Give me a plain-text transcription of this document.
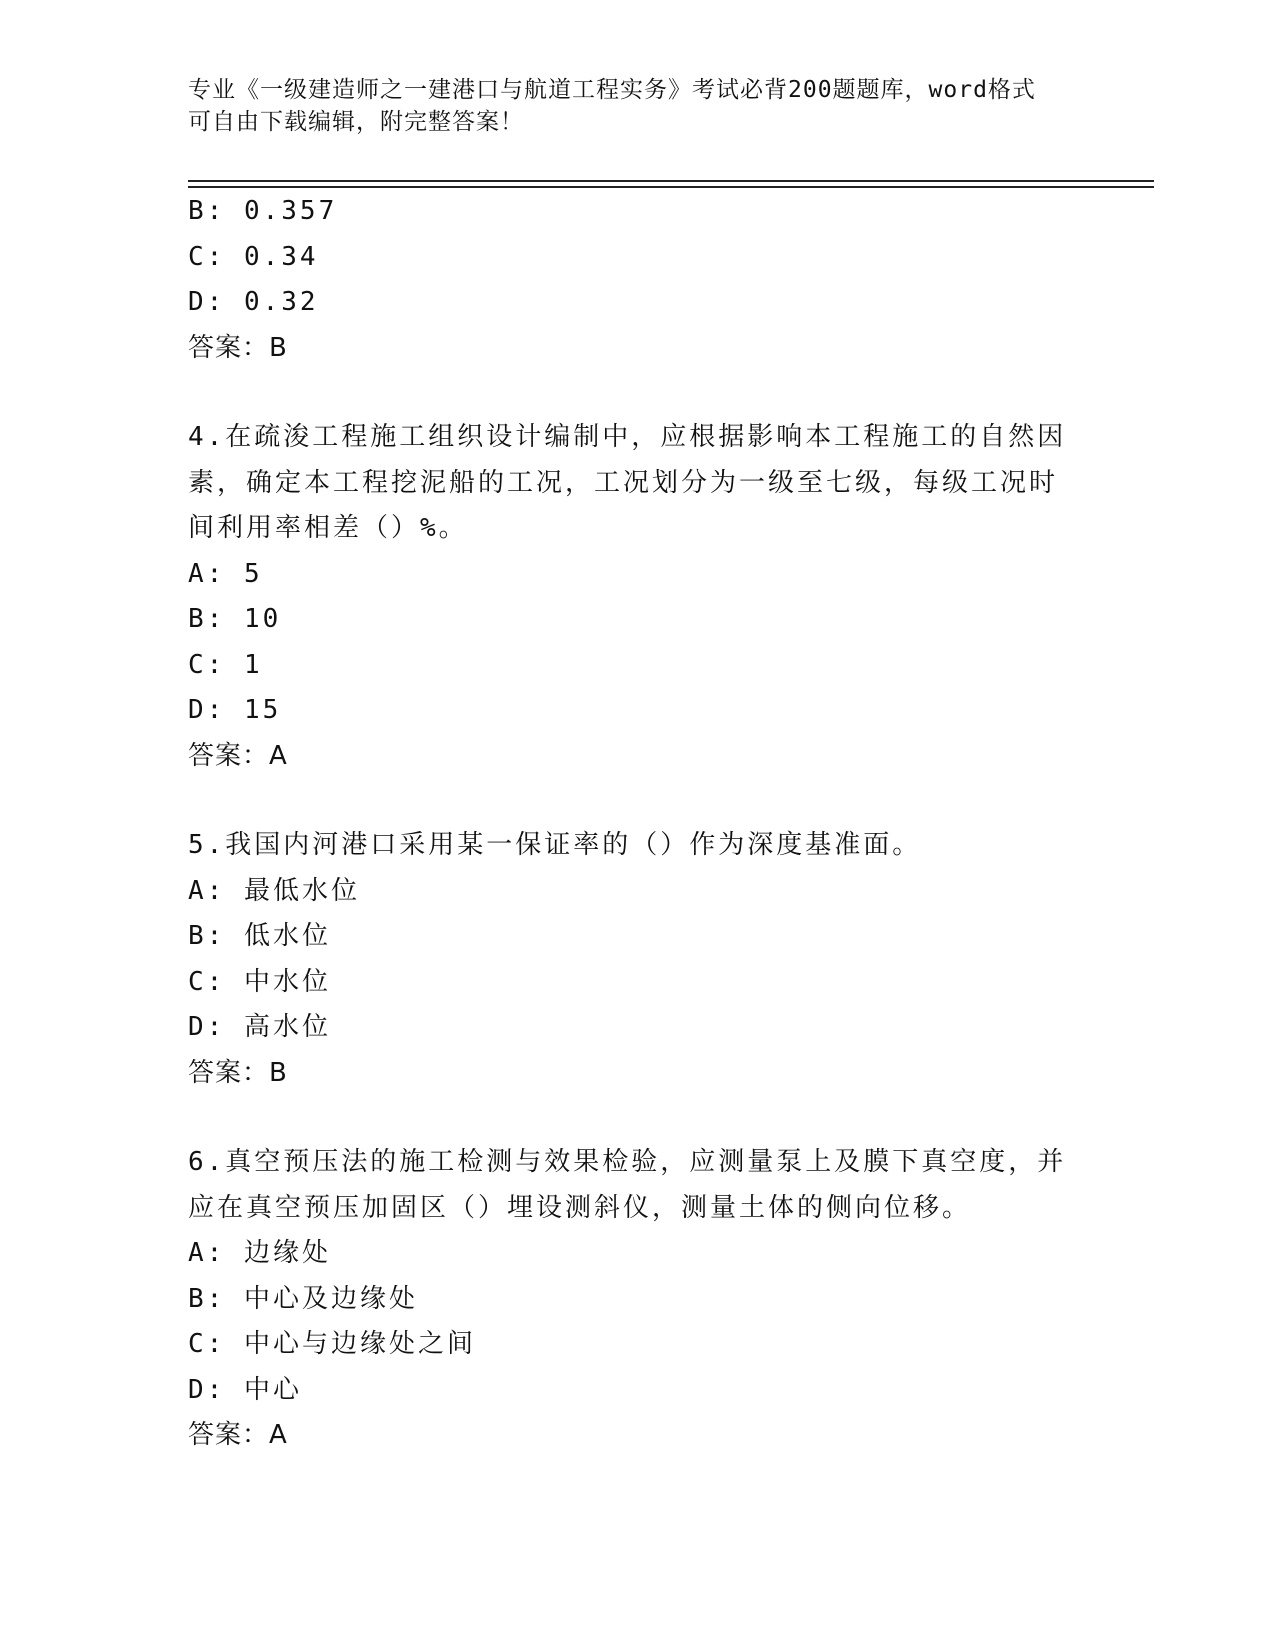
专业《一级建造师之一建港口与航道工程实务》考试必背200题题库，word格式

可自由下载编辑，附完整答案！

B: 0.357
C: 0.34
D: 0.32
答案：B
4.在疏浚工程施工组织设计编制中，应根据影响本工程施工的自然因
素，确定本工程挖泥船的工况，工况划分为一级至七级，每级工况时
间利用率相差（）%。
A: 5
B: 10
C: 1
D: 15
答案：A
5.我国内河港口采用某一保证率的（）作为深度基准面。
A: 最低水位
B: 低水位
C: 中水位
D: 高水位
答案：B
6.真空预压法的施工检测与效果检验，应测量泵上及膜下真空度，并
应在真空预压加固区（）埋设测斜仪，测量土体的侧向位移。
A: 边缘处
B: 中心及边缘处
C: 中心与边缘处之间
D: 中心
答案：A
